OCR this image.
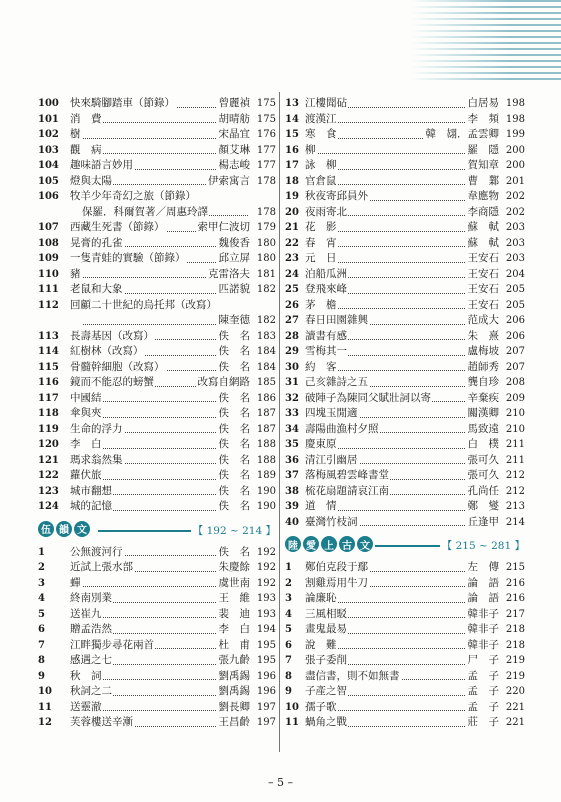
100	快來騎腳踏車（節錄）	曾麗禎 175
101	消　費	胡晴舫 175
102	樹	宋晶宜 176
103	觀　病	顏艾琳 177
104	趣味語言妙用	楊志峻 177
105	燈與太陽	伊索寓言 178
106	牧羊少年奇幻之旅（節錄）
保羅．科爾賀著／周惠玲譯	178
107	西藏生死書（節錄）	索甲仁波切 179
108	晃膏的孔雀	魏俊香 180
109	一隻青蛙的實驗（節錄）	邱立屏 180
110	豬	克雷洛夫 181
111	老鼠和大象	匹諾貌 182
112	回顧二十世紀的烏托邦（改寫）
陳奎德 182
113	長壽基因（改寫）	佚　名 183
114	紅樹林（改寫）	佚　名 184
115	骨髓幹細胞（改寫）	佚　名 184
116	鏡而不能忍的螃蟹	改寫自網路 185
117	中國結	佚　名 186
118	傘與夾	佚　名 187
119	生命的浮力	佚　名 187
120	李　白	佚　名 188
121	瑪求翁然集	佚　名 188
122	蘿伏旅	佚　名 189
123	城市翻想	佚　名 190
124	城的記憶	佚　名 190
伍 韻 文	【 192 ~ 214 】
1	公無渡河行	佚　名 192
2	近試上張水部	朱慶餘 192
3	蟬	虞世南 192
4	終南別業	王　維 193
5	送崔九	裴　迪 193
6	贈孟浩然	李　白 194
7	江畔獨步尋花兩首	杜　甫 195
8	感遇之七	張九齡 195
9	秋　詞	劉禹錫 196
10	秋詞之二	劉禹錫 196
11	送靈澈	劉長卿 197
12	芙蓉樓送辛漸	王昌齡 197
13 江樓聞砧	白居易 198
14 渡漢江	李　頻 198
15 寒　食	韓　翃．孟雲卿 199
16 柳	羅　隱 200
17 詠　柳	賀知章 200
18 官倉鼠	曹　鄴 201
19 秋夜寄邱員外	韋應物 202
20 夜雨寄北	李商隱 202
21 花　影	蘇　軾 203
22 春　宵	蘇　軾 203
23 元　日	王安石 203
24 泊船瓜洲	王安石 204
25 登飛來峰	王安石 205
26 茅　檐	王安石 205
27 春日田園雜興	范成大 206
28 讀書有感	朱　熹 206
29 雪梅其一	盧梅坡 207
30 約　客	趙師秀 207
31 己亥雜詩之五	龔自珍 208
32 破陣子為陳同父賦壯詞以寄	辛棄疾 209
33 四塊玉閒適	關漢卿 210
34 壽陽曲漁村夕照	馬致遠 210
35 慶東原	白　樸 211
36 清江引幽居	張可久 211
37 落梅風碧雲峰書堂	張可久 212
38 梳花扇題請哀江南	孔尚任 212
39 道　情	鄭　燮 213
40 臺灣竹枝詞	丘逢甲 214
陸 愛 上 古 文	【 215 ~ 281 】
1	鄭伯克段于鄢	左　傳 215
2	割雞焉用牛刀	論　語 216
3	論廉恥	論　語 216
4	三風相駁	韓非子 217
5	畫鬼最易	韓非子 218
6	說　難	韓非子 218
7	張子委削	尸　子 219
8	盡信書，則不如無書	孟　子 219
9	子產之智	孟　子 220
10 孺子歌	孟　子 221
11 蝸角之戰	莊　子 221
– 5 –
